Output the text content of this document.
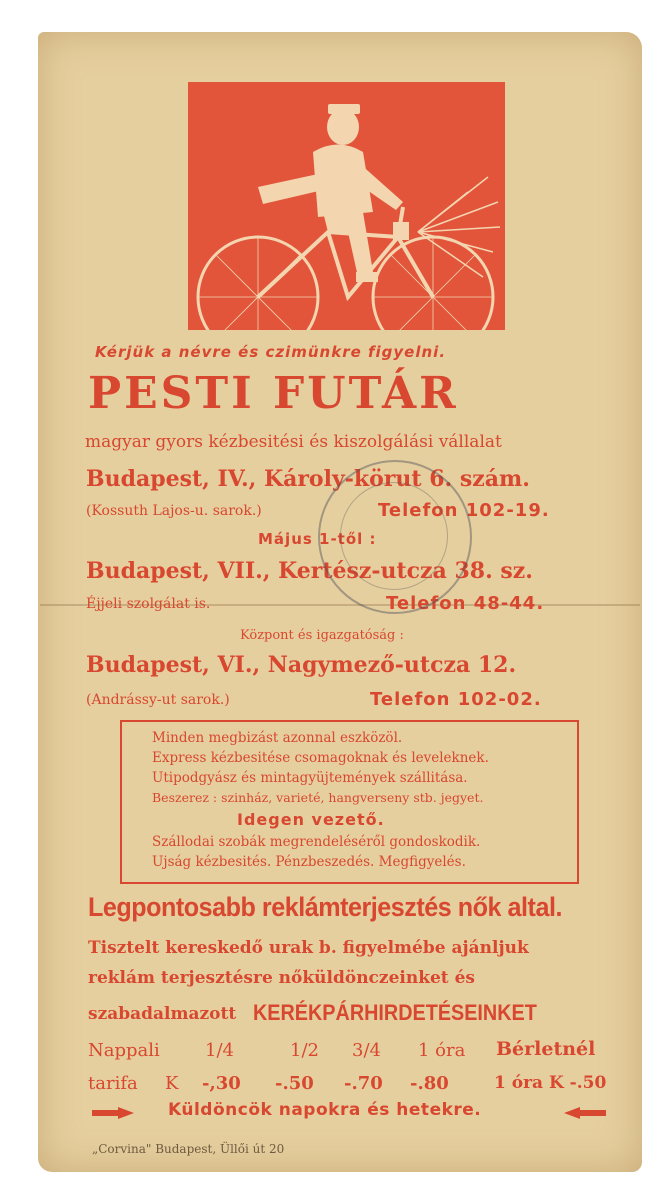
Kérjük a névre és czimünkre figyelni.
PESTI FUTÁR
magyar gyors kézbesitési és kiszolgálási vállalat
Budapest, IV., Károly-körut 6. szám.
(Kossuth Lajos-u. sarok.)	Telefon 102-19.
Május 1-től :
Budapest, VII., Kertész-utcza 38. sz.
Éjjeli szolgálat is.	Telefon 48-44.
Központ és igazgatóság :
Budapest, VI., Nagymező-utcza 12.
(Andrássy-ut sarok.)	Telefon 102-02.
Minden megbizást azonnal eszközöl.
Express kézbesitése csomagoknak és leveleknek.
Utipodgyász és mintagyüjtemények szállitása.
Beszerez : szinház, varieté, hangverseny stb. jegyet.
Idegen vezető.
Szállodai szobák megrendeléséről gondoskodik.
Ujság kézbesités. Pénzbeszedés. Megfigyelés.
Legpontosabb reklámterjesztés nők altal.
Tisztelt kereskedő urak b. figyelmébe ajánljuk
reklám terjesztésre nőküldönczeinket és
szabadalmazott KERÉKPÁRHIRDETÉSEINKET
Nappali	1/4	1/2 3/4 1 óra Bérletnél
tarifa K -,30 -.50 -.70 -.80	1 óra K -.50
Küldöncök napokra és hetekre.
„Corvina" Budapest, Üllői út 20
